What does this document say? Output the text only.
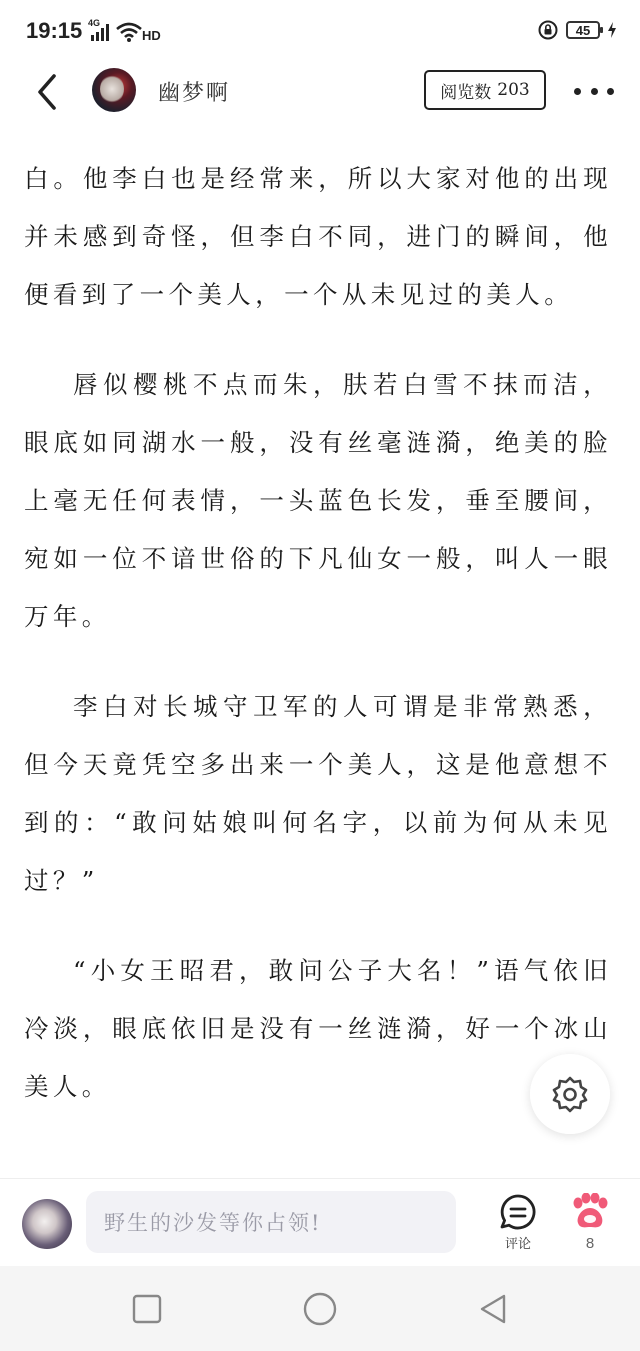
19:15 4G
HD	45
幽梦啊	阅览数 203

白。他李白也是经常来，所以大家对他的出现并未感到奇怪，但李白不同，进门的瞬间，他便看到了一个美人，一个从未见过的美人。

唇似樱桃不点而朱，肤若白雪不抹而洁，眼底如同湖水一般，没有丝毫涟漪，绝美的脸上毫无任何表情，一头蓝色长发，垂至腰间，宛如一位不谙世俗的下凡仙女一般，叫人一眼万年。

李白对长城守卫军的人可谓是非常熟悉，但今天竟凭空多出来一个美人，这是他意想不到的：“敢问姑娘叫何名字，以前为何从未见过？”

“小女王昭君，敢问公子大名！”语气依旧冷淡，眼底依旧是没有一丝涟漪，好一个冰山美人。

野生的沙发等你占领!
评论	8
